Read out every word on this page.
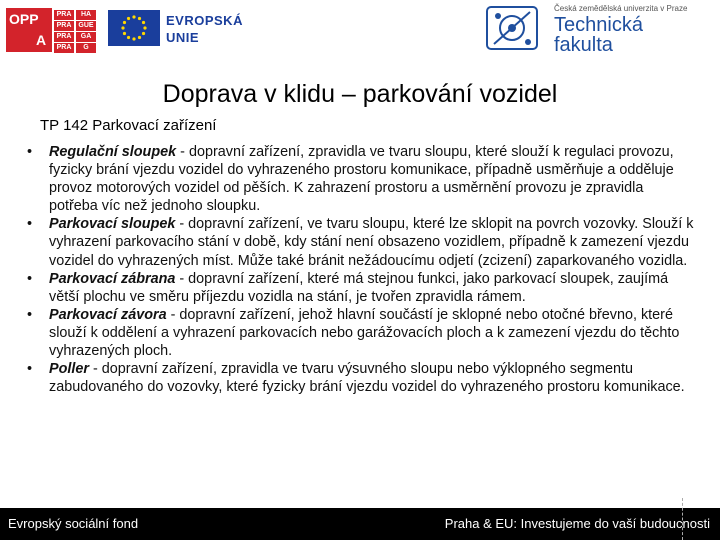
OPP
A
PRA	HA
PRA	GUE
PRA	GA
PRA	G
EVROPSKÁ
UNIE
Česká zemědělská univerzita v Praze
Technická
fakulta
Doprava v klidu – parkování vozidel
TP 142 Parkovací zařízení
• Regulační sloupek - dopravní zařízení, zpravidla ve tvaru sloupu, které slouží k regulaci provozu, fyzicky brání vjezdu vozidel do vyhrazeného prostoru komunikace, případně usměrňuje a odděluje provoz motorových vozidel od pěších. K zahrazení prostoru a usměrnění provozu je zpravidla potřeba víc než jednoho sloupku.
• Parkovací sloupek - dopravní zařízení, ve tvaru sloupu, které lze sklopit na povrch vozovky. Slouží k vyhrazení parkovacího stání v době, kdy stání není obsazeno vozidlem, případně k zamezení vjezdu vozidel do vyhrazených míst. Může také bránit nežádoucímu odjetí (zcizení) zaparkovaného vozidla.
• Parkovací zábrana - dopravní zařízení, které má stejnou funkci, jako parkovací sloupek, zaujímá větší plochu ve směru příjezdu vozidla na stání, je tvořen zpravidla rámem.
• Parkovací závora - dopravní zařízení, jehož hlavní součástí je sklopné nebo otočné břevno, které slouží k oddělení a vyhrazení parkovacích nebo garážovacích ploch a k zamezení vjezdu do těchto vyhrazených ploch.
• Poller - dopravní zařízení, zpravidla ve tvaru výsuvného sloupu nebo výklopného segmentu zabudovaného do vozovky, které fyzicky brání vjezdu vozidel do vyhrazeného prostoru komunikace.
Evropský sociální fond	Praha & EU: Investujeme do vaší budoucnosti
